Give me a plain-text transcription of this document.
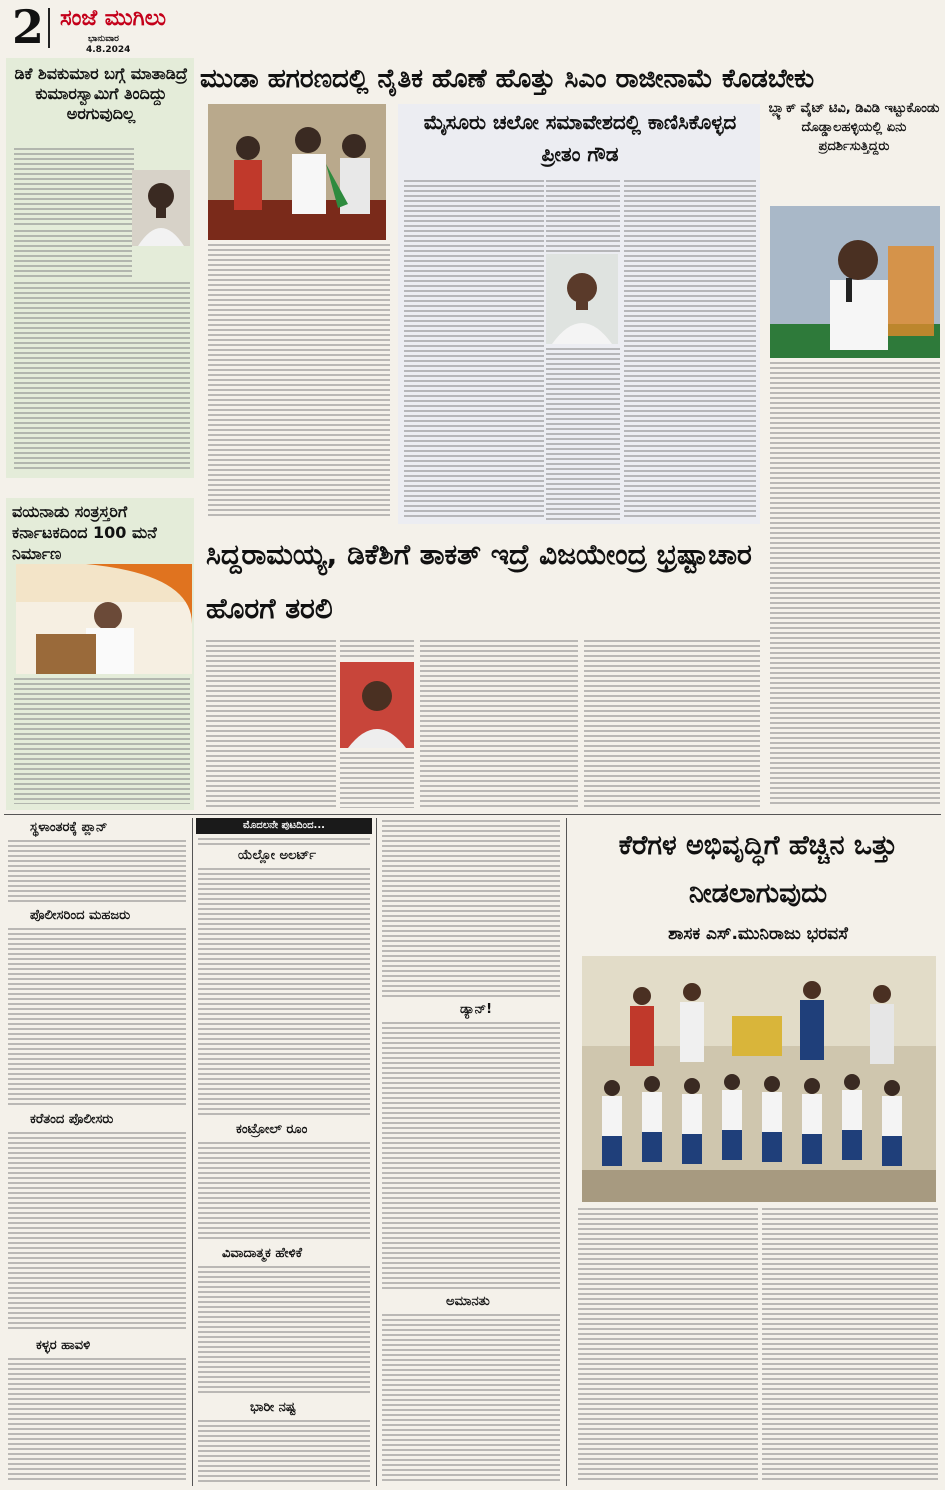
2 ಸಂಜೆ ಮುಗಿಲು
ಭಾನುವಾರ
4.8.2024
ಡಿಕೆ ಶಿವಕುಮಾರ ಬಗ್ಗೆ ಮಾತಾಡಿದ್ರೆ ಕುಮಾರಸ್ವಾಮಿಗೆ ತಿಂದಿದ್ದು ಅರಗುವುದಿಲ್ಲ
ವಯನಾಡು ಸಂತ್ರಸ್ತರಿಗೆ ಕರ್ನಾಟಕದಿಂದ 100 ಮನೆ ನಿರ್ಮಾಣ
ಮುಡಾ ಹಗರಣದಲ್ಲಿ ನೈತಿಕ ಹೊಣೆ ಹೊತ್ತು ಸಿಎಂ ರಾಜೀನಾಮೆ ಕೊಡಬೇಕು
ಮೈಸೂರು ಚಲೋ ಸಮಾವೇಶದಲ್ಲಿ ಕಾಣಿಸಿಕೊಳ್ಳದ ಪ್ರೀತಂ ಗೌಡ
ಬ್ಲ್ಯಾಕ್ ವೈಟ್ ಟಿವಿ, ಡಿವಿಡಿ ಇಟ್ಟುಕೊಂಡು ದೊಡ್ಡಾಲಹಳ್ಳಿಯಲ್ಲಿ ಏನು ಪ್ರದರ್ಶಿಸುತ್ತಿದ್ದರು
ಸಿದ್ದರಾಮಯ್ಯ, ಡಿಕೆಶಿಗೆ ತಾಕತ್ ಇದ್ರೆ ವಿಜಯೇಂದ್ರ ಭ್ರಷ್ಟಾಚಾರ ಹೊರಗೆ ತರಲಿ
ಸ್ಥಳಾಂತರಕ್ಕೆ ಪ್ಲಾನ್
ಪೊಲೀಸರಿಂದ ಮಹಜರು
ಕರೆತಂದ ಪೊಲೀಸರು
ಕಳ್ಳರ ಹಾವಳಿ
ಮೊದಲನೇ ಪುಟದಿಂದ...
ಯೆಲ್ಲೋ ಅಲರ್ಟ್
ಕಂಟ್ರೋಲ್ ರೂಂ
ವಿವಾದಾತ್ಮಕ ಹೇಳಿಕೆ
ಭಾರೀ ನಷ್ಟ
ಡ್ಯಾನ್!
ಅಮಾನತು
ಕೆರೆಗಳ ಅಭಿವೃದ್ಧಿಗೆ ಹೆಚ್ಚಿನ ಒತ್ತು ನೀಡಲಾಗುವುದು
ಶಾಸಕ ಎಸ್.ಮುನಿರಾಜು ಭರವಸೆ
